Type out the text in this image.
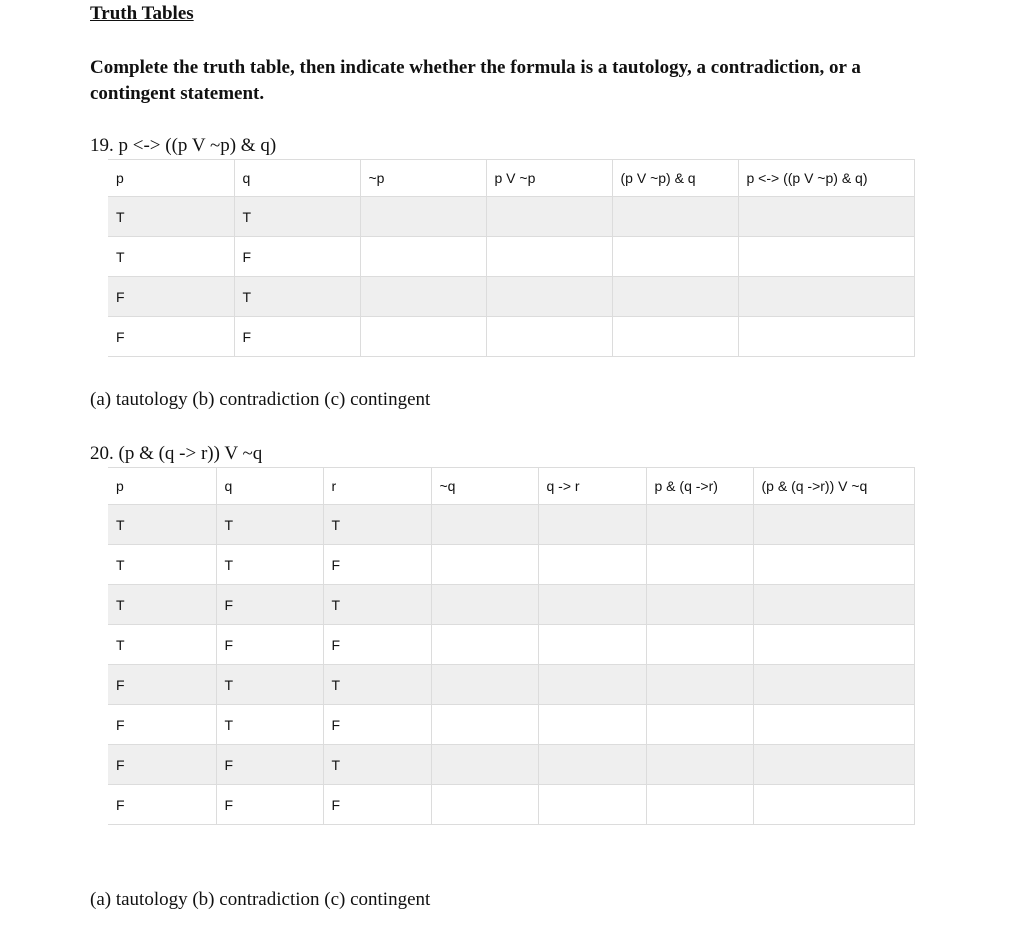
Truth Tables
Complete the truth table, then indicate whether the formula is a tautology, a contradiction, or a contingent statement.
19. p <-> ((p V ~p) & q)
p	q	~p	p V ~p	(p V ~p) & q	p <-> ((p V ~p) & q)
T	T				
T	F				
F	T				
F	F				
(a) tautology (b) contradiction (c) contingent
20. (p & (q -> r)) V ~q
p	q	r	~q	q -> r	p & (q ->r)	(p & (q ->r)) V ~q
T	T	T				
T	T	F				
T	F	T				
T	F	F				
F	T	T				
F	T	F				
F	F	T				
F	F	F				
(a) tautology (b) contradiction (c) contingent
